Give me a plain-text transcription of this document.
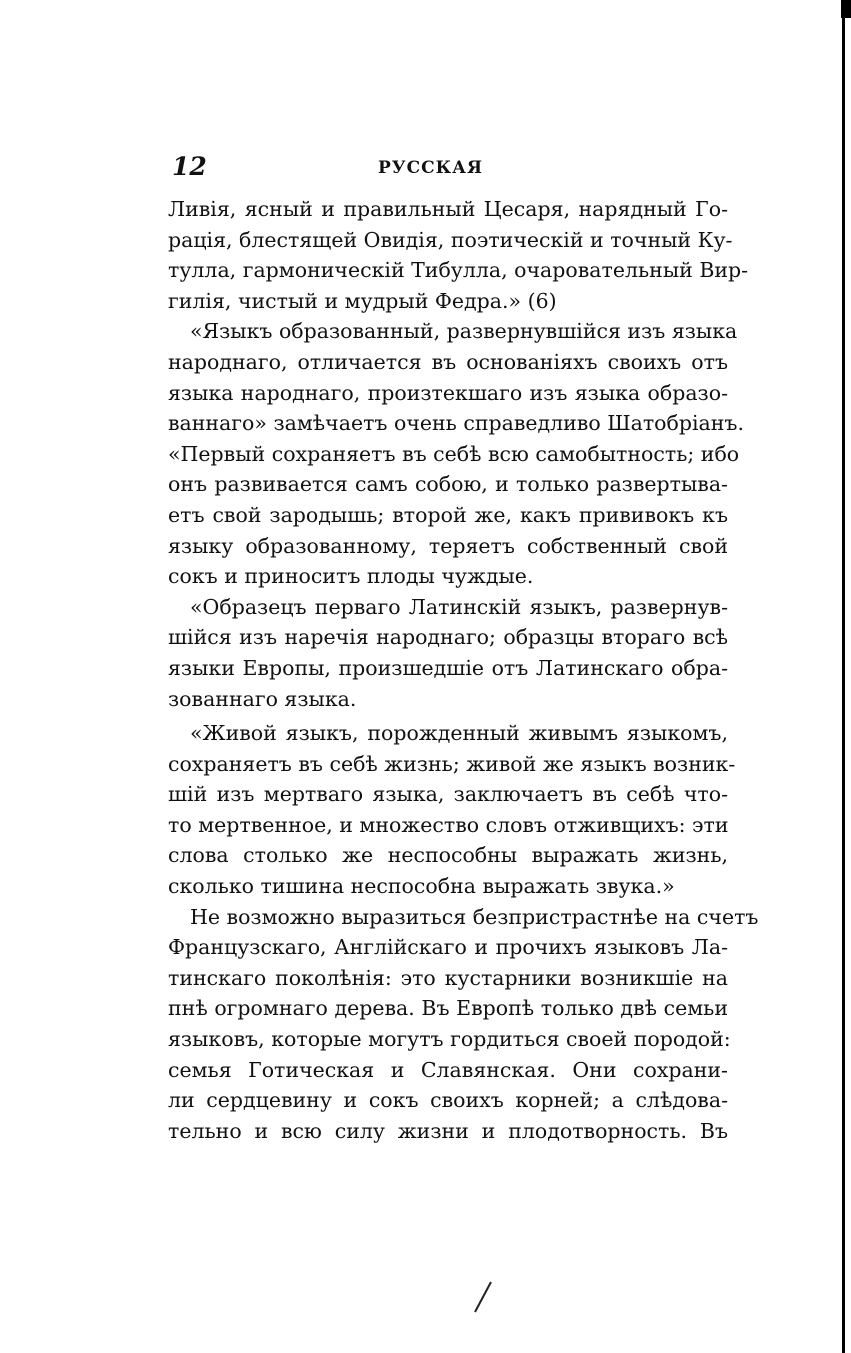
12	РУССКАЯ
Ливія, ясный и правильный Цесаря, нарядный Го-
рація, блестящей Овидія, поэтическій и точный Ку-
тулла, гармоническій Тибулла, очаровательный Вир-
гилія, чистый и мудрый Федра.» (6)
«Языкъ образованный, развернувшійся изъ языка
народнаго, отличается въ основаніяхъ своихъ отъ
языка народнаго, произтекшаго изъ языка образо-
ваннаго» замѣчаетъ очень справедливо Шатобріанъ.
«Первый сохраняетъ въ себѣ всю самобытность; ибо
онъ развивается самъ собою, и только развертыва-
етъ свой зародышь; второй же, какъ прививокъ къ
языку образованному, теряетъ собственный свой
сокъ и приноситъ плоды чуждые.
«Образецъ перваго Латинскій языкъ, развернув-
шійся изъ наречія народнаго; образцы втораго всѣ
языки Европы, произшедшіе отъ Латинскаго обра-
зованнаго языка.
«Живой языкъ, порожденный живымъ языкомъ,
сохраняетъ въ себѣ жизнь; живой же языкъ возник-
шій изъ мертваго языка, заключаетъ въ себѣ что-
то мертвенное, и множество словъ отживщихъ: эти
слова столько же неспособны выражать жизнь,
сколько тишина неспособна выражать звука.»
Не возможно выразиться безпристрастнѣе на счетъ
Французскаго, Англійскаго и прочихъ языковъ Ла-
тинскаго поколѣнія: это кустарники возникшіе на
пнѣ огромнаго дерева. Въ Европѣ только двѣ семьи
языковъ, которые могутъ гордиться своей породой:
семья Готическая и Славянская. Они сохрани-
ли сердцевину и сокъ своихъ корней; а слѣдова-
тельно и всю силу жизни и плодотворность. Въ
